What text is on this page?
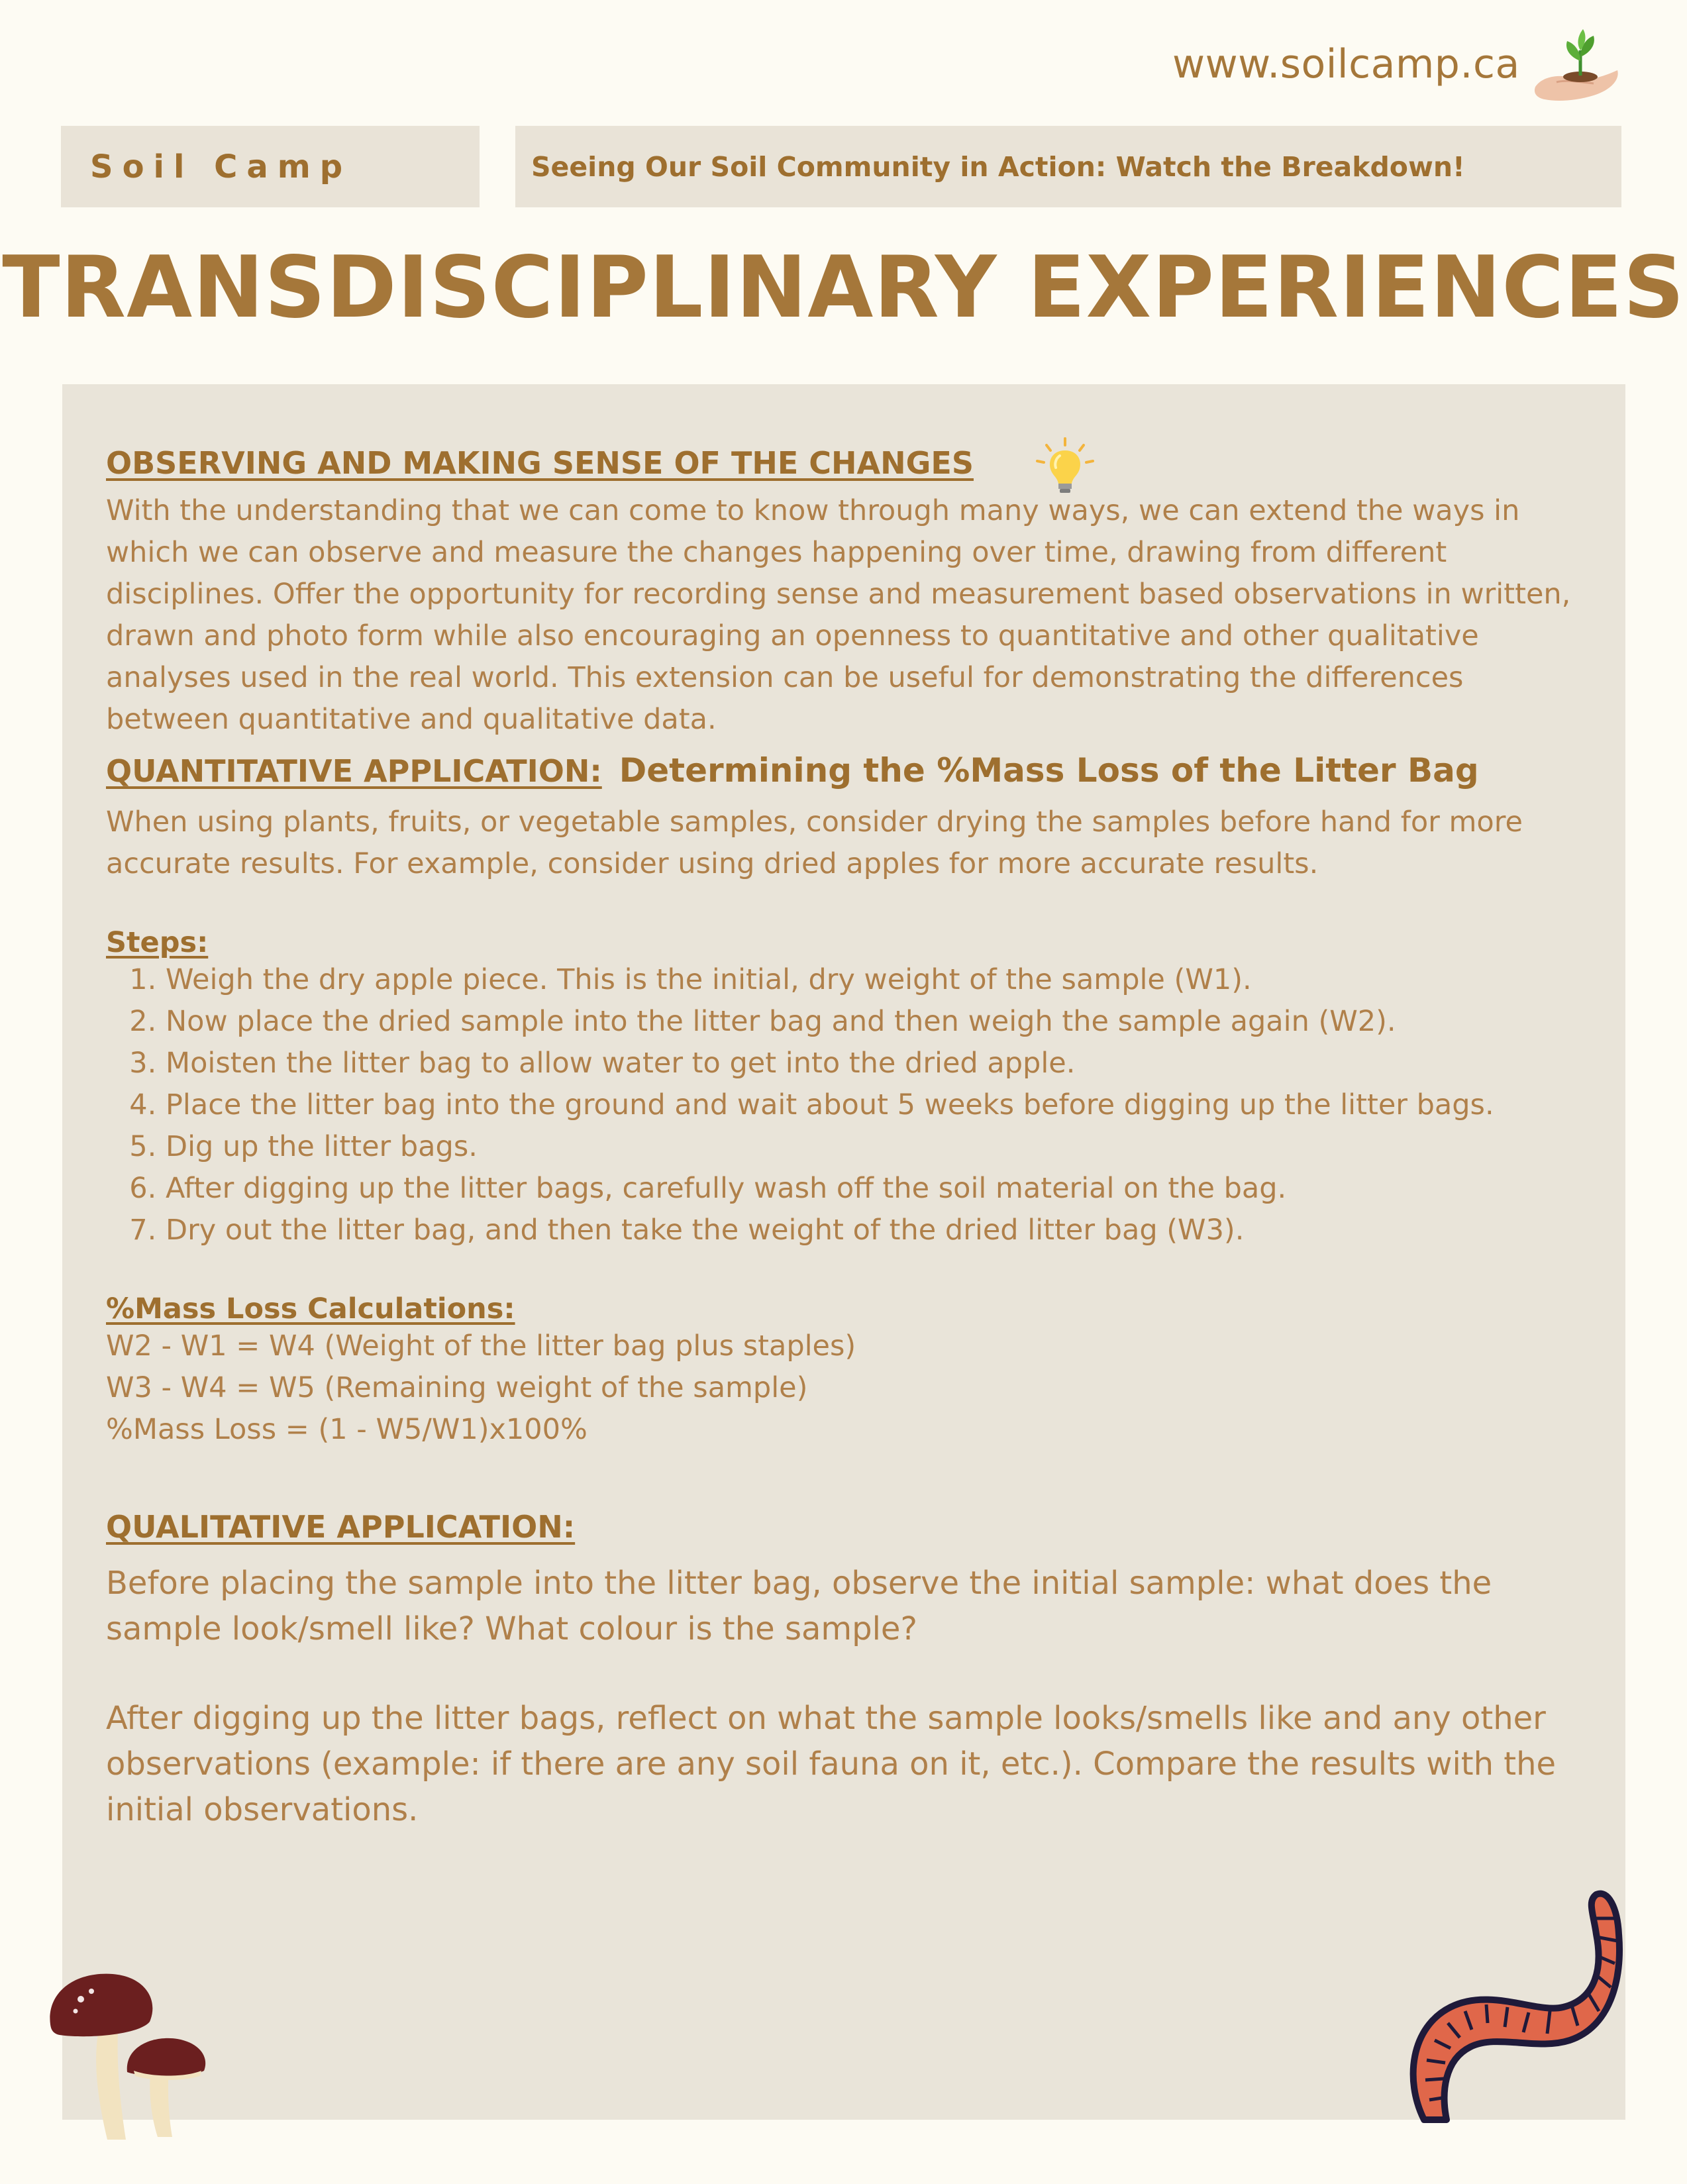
www.soilcamp.ca
Soil Camp	Seeing Our Soil Community in Action: Watch the Breakdown!
TRANSDISCIPLINARY EXPERIENCES
OBSERVING AND MAKING SENSE OF THE CHANGES

With the understanding that we can come to know through many ways, we can extend the ways in which we can observe and measure the changes happening over time, drawing from different disciplines. Offer the opportunity for recording sense and measurement based observations in written, drawn and photo form while also encouraging an openness to quantitative and other qualitative analyses used in the real world. This extension can be useful for demonstrating the differences between quantitative and qualitative data.

QUANTITATIVE APPLICATION: Determining the %Mass Loss of the Litter Bag

When using plants, fruits, or vegetable samples, consider drying the samples before hand for more accurate results. For example, consider using dried apples for more accurate results.

Steps:

1. Weigh the dry apple piece. This is the initial, dry weight of the sample (W1).
2. Now place the dried sample into the litter bag and then weigh the sample again (W2).
3. Moisten the litter bag to allow water to get into the dried apple.
4. Place the litter bag into the ground and wait about 5 weeks before digging up the litter bags.
5. Dig up the litter bags.
6. After digging up the litter bags, carefully wash off the soil material on the bag.
7. Dry out the litter bag, and then take the weight of the dried litter bag (W3).

%Mass Loss Calculations:

W2 - W1 = W4 (Weight of the litter bag plus staples)

W3 - W4 = W5 (Remaining weight of the sample)

%Mass Loss = (1 - W5/W1)x100%

QUALITATIVE APPLICATION:

Before placing the sample into the litter bag, observe the initial sample: what does the sample look/smell like? What colour is the sample?

After digging up the litter bags, reflect on what the sample looks/smells like and any other observations (example: if there are any soil fauna on it, etc.). Compare the results with the initial observations.
